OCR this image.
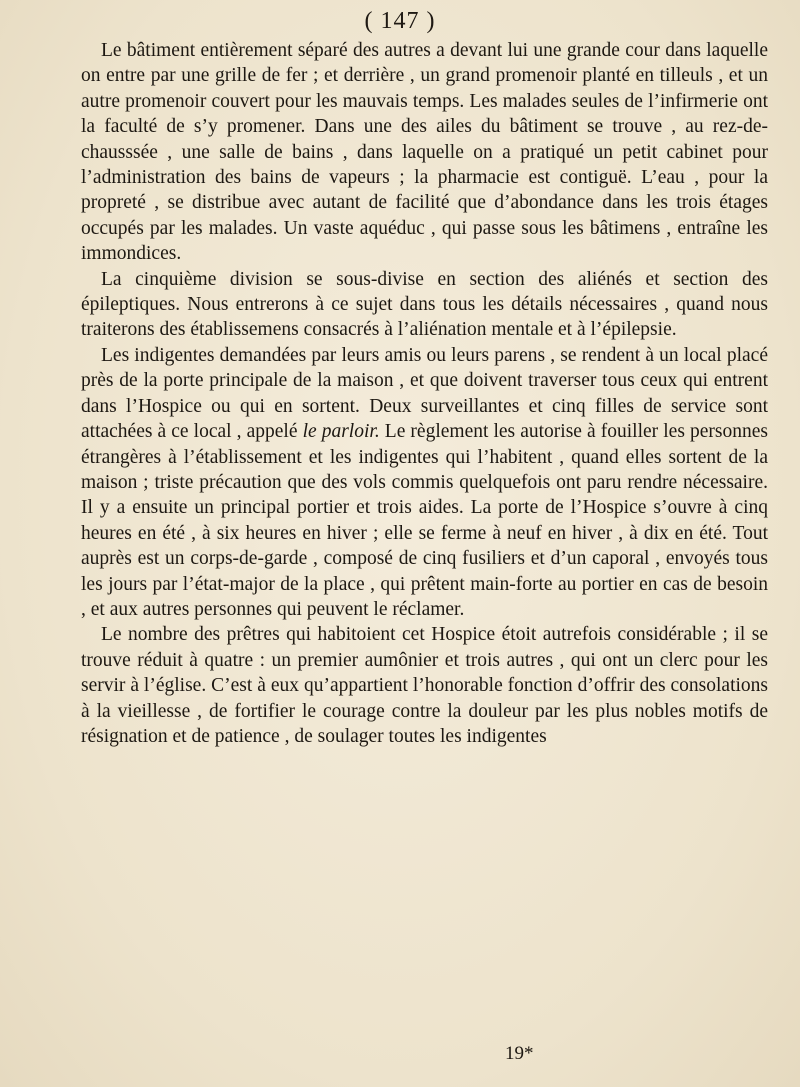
( 147 )

Le bâtiment entièrement séparé des autres a devant lui une grande cour dans laquelle on entre par une grille de fer ; et derrière , un grand promenoir planté en tilleuls , et un autre promenoir couvert pour les mauvais temps. Les malades seules de l’infirmerie ont la faculté de s’y promener. Dans une des ailes du bâtiment se trouve , au rez-de-chausssée , une salle de bains , dans laquelle on a pratiqué un petit cabinet pour l’administration des bains de vapeurs ; la pharmacie est contiguë. L’eau , pour la propreté , se distribue avec autant de facilité que d’abondance dans les trois étages occupés par les malades. Un vaste aquéduc , qui passe sous les bâtimens , entraîne les immondices.

La cinquième division se sous-divise en section des aliénés et section des épileptiques. Nous entrerons à ce sujet dans tous les détails nécessaires , quand nous traiterons des établissemens consacrés à l’aliénation mentale et à l’épilepsie.

Les indigentes demandées par leurs amis ou leurs parens , se rendent à un local placé près de la porte principale de la maison , et que doivent traverser tous ceux qui entrent dans l’Hospice ou qui en sortent. Deux surveillantes et cinq filles de service sont attachées à ce local , appelé le parloir. Le règlement les autorise à fouiller les personnes étrangères à l’établissement et les indigentes qui l’habitent , quand elles sortent de la maison ; triste précaution que des vols commis quelquefois ont paru rendre nécessaire. Il y a ensuite un principal portier et trois aides. La porte de l’Hospice s’ouvre à cinq heures en été , à six heures en hiver ; elle se ferme à neuf en hiver , à dix en été. Tout auprès est un corps-de-garde , composé de cinq fusiliers et d’un caporal , envoyés tous les jours par l’état-major de la place , qui prêtent main-forte au portier en cas de besoin , et aux autres personnes qui peuvent le réclamer.

Le nombre des prêtres qui habitoient cet Hospice étoit autrefois considérable ; il se trouve réduit à quatre : un premier aumônier et trois autres , qui ont un clerc pour les servir à l’église. C’est à eux qu’appartient l’honorable fonction d’offrir des consolations à la vieillesse , de fortifier le courage contre la douleur par les plus nobles motifs de résignation et de patience , de soulager toutes les indigentes

19*
